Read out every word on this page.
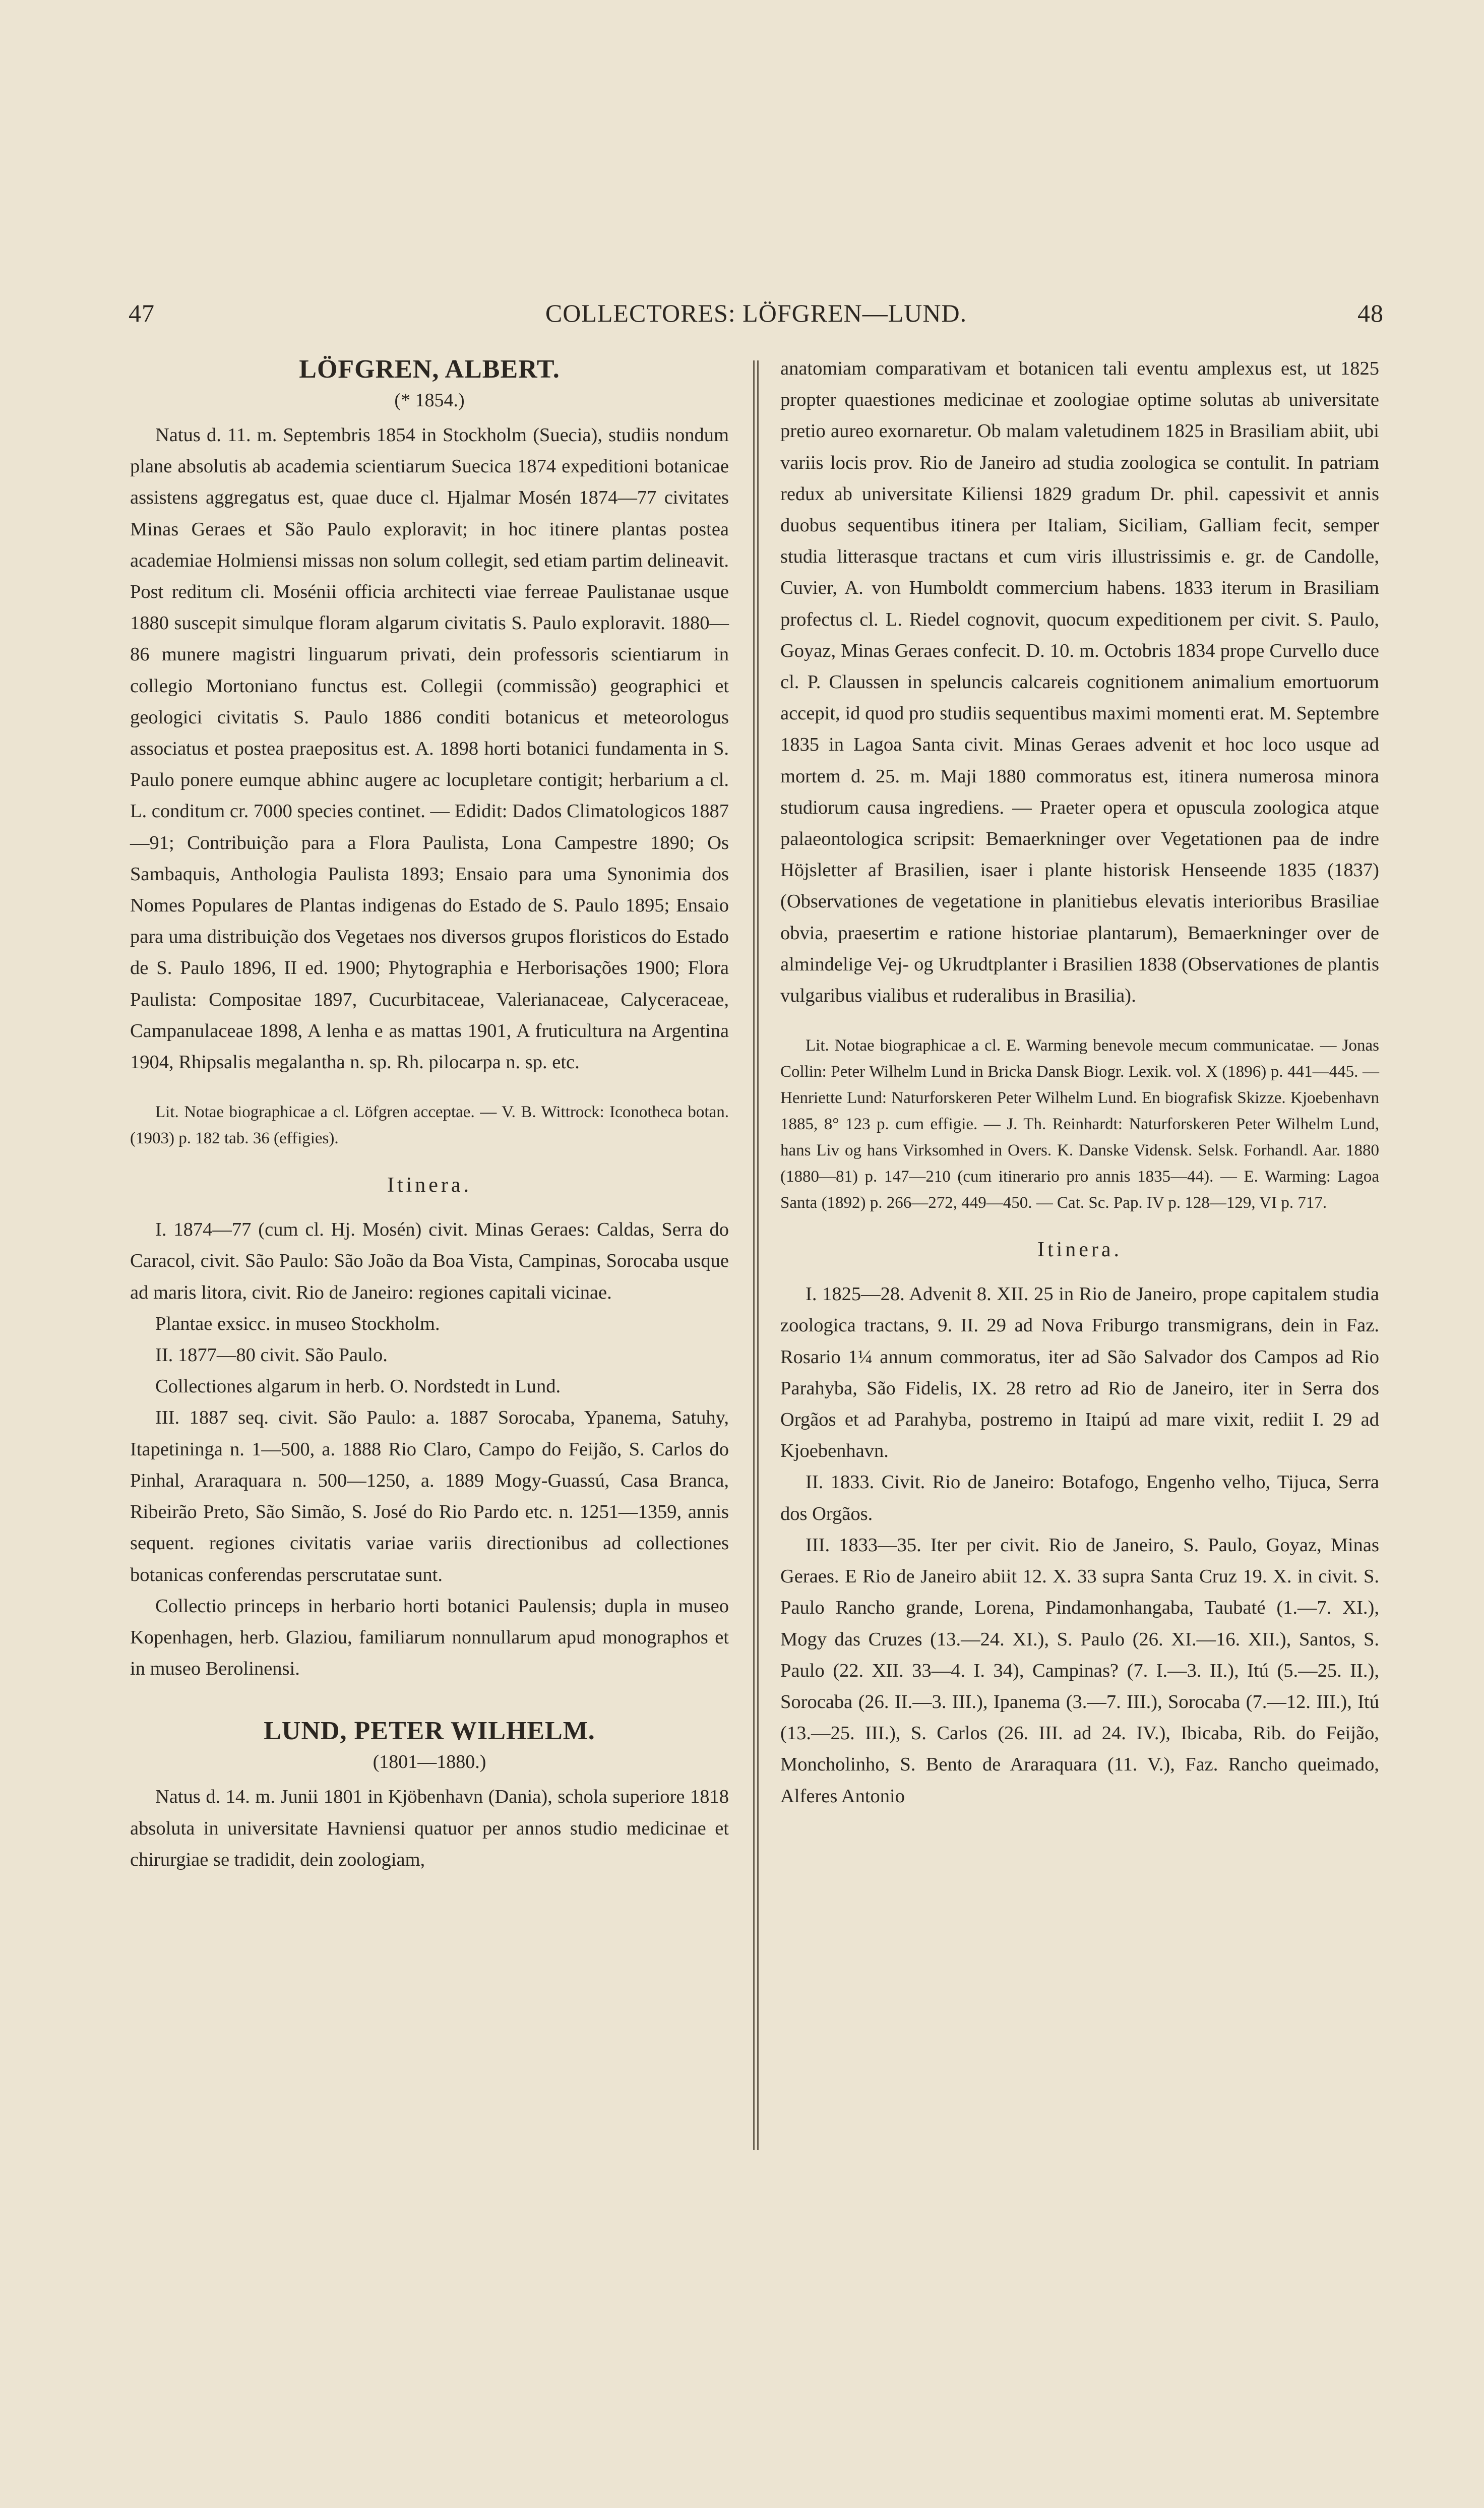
47	COLLECTORES: LÖFGREN—LUND.	48
LÖFGREN, ALBERT.
(* 1854.)

Natus d. 11. m. Septembris 1854 in Stockholm (Suecia), studiis nondum plane absolutis ab academia scientiarum Suecica 1874 expeditioni botanicae assistens aggregatus est, quae duce cl. Hjalmar Mosén 1874—77 civitates Minas Geraes et São Paulo exploravit; in hoc itinere plantas postea academiae Holmiensi missas non solum collegit, sed etiam partim delineavit. Post reditum cli. Mosénii officia architecti viae ferreae Paulistanae usque 1880 suscepit simulque floram algarum civitatis S. Paulo exploravit. 1880—86 munere magistri linguarum privati, dein professoris scientiarum in collegio Mortoniano functus est. Collegii (commissão) geographici et geologici civitatis S. Paulo 1886 conditi botanicus et meteorologus associatus et postea praepositus est. A. 1898 horti botanici fundamenta in S. Paulo ponere eumque abhinc augere ac locupletare contigit; herbarium a cl. L. conditum cr. 7000 species continet. — Edidit: Dados Climatologicos 1887—91; Contribuição para a Flora Paulista, Lona Campestre 1890; Os Sambaquis, Anthologia Paulista 1893; Ensaio para uma Synonimia dos Nomes Populares de Plantas indigenas do Estado de S. Paulo 1895; Ensaio para uma distribuição dos Vegetaes nos diversos grupos floristicos do Estado de S. Paulo 1896, II ed. 1900; Phytographia e Herborisações 1900; Flora Paulista: Compositae 1897, Cucurbitaceae, Valerianaceae, Calyceraceae, Campanulaceae 1898, A lenha e as mattas 1901, A fruticultura na Argentina 1904, Rhipsalis megalantha n. sp. Rh. pilocarpa n. sp. etc.

Lit. Notae biographicae a cl. Löfgren acceptae. — V. B. Wittrock: Iconotheca botan. (1903) p. 182 tab. 36 (effigies).

Itinera.

I. 1874—77 (cum cl. Hj. Mosén) civit. Minas Geraes: Caldas, Serra do Caracol, civit. São Paulo: São João da Boa Vista, Campinas, Sorocaba usque ad maris litora, civit. Rio de Janeiro: regiones capitali vicinae.

Plantae exsicc. in museo Stockholm.

II. 1877—80 civit. São Paulo.

Collectiones algarum in herb. O. Nordstedt in Lund.

III. 1887 seq. civit. São Paulo: a. 1887 Sorocaba, Ypanema, Satuhy, Itapetininga n. 1—500, a. 1888 Rio Claro, Campo do Feijão, S. Carlos do Pinhal, Araraquara n. 500—1250, a. 1889 Mogy-Guassú, Casa Branca, Ribeirão Preto, São Simão, S. José do Rio Pardo etc. n. 1251—1359, annis sequent. regiones civitatis variae variis directionibus ad collectiones botanicas conferendas perscrutatae sunt.

Collectio princeps in herbario horti botanici Paulensis; dupla in museo Kopenhagen, herb. Glaziou, familiarum nonnullarum apud monographos et in museo Berolinensi.

LUND, PETER WILHELM.
(1801—1880.)

Natus d. 14. m. Junii 1801 in Kjöbenhavn (Dania), schola superiore 1818 absoluta in universitate Havniensi quatuor per annos studio medicinae et chirurgiae se tradidit, dein zoologiam,

anatomiam comparativam et botanicen tali eventu amplexus est, ut 1825 propter quaestiones medicinae et zoologiae optime solutas ab universitate pretio aureo exornaretur. Ob malam valetudinem 1825 in Brasiliam abiit, ubi variis locis prov. Rio de Janeiro ad studia zoologica se contulit. In patriam redux ab universitate Kiliensi 1829 gradum Dr. phil. capessivit et annis duobus sequentibus itinera per Italiam, Siciliam, Galliam fecit, semper studia litterasque tractans et cum viris illustrissimis e. gr. de Candolle, Cuvier, A. von Humboldt commercium habens. 1833 iterum in Brasiliam profectus cl. L. Riedel cognovit, quocum expeditionem per civit. S. Paulo, Goyaz, Minas Geraes confecit. D. 10. m. Octobris 1834 prope Curvello duce cl. P. Claussen in speluncis calcareis cognitionem animalium emortuorum accepit, id quod pro studiis sequentibus maximi momenti erat. M. Septembre 1835 in Lagoa Santa civit. Minas Geraes advenit et hoc loco usque ad mortem d. 25. m. Maji 1880 commoratus est, itinera numerosa minora studiorum causa ingrediens. — Praeter opera et opuscula zoologica atque palaeontologica scripsit: Bemaerkninger over Vegetationen paa de indre Höjsletter af Brasilien, isaer i plante historisk Henseende 1835 (1837) (Observationes de vegetatione in planitiebus elevatis interioribus Brasiliae obvia, praesertim e ratione historiae plantarum), Bemaerkninger over de almindelige Vej- og Ukrudtplanter i Brasilien 1838 (Observationes de plantis vulgaribus vialibus et ruderalibus in Brasilia).

Lit. Notae biographicae a cl. E. Warming benevole mecum communicatae. — Jonas Collin: Peter Wilhelm Lund in Bricka Dansk Biogr. Lexik. vol. X (1896) p. 441—445. — Henriette Lund: Naturforskeren Peter Wilhelm Lund. En biografisk Skizze. Kjoebenhavn 1885, 8° 123 p. cum effigie. — J. Th. Reinhardt: Naturforskeren Peter Wilhelm Lund, hans Liv og hans Virksomhed in Overs. K. Danske Vidensk. Selsk. Forhandl. Aar. 1880 (1880—81) p. 147—210 (cum itinerario pro annis 1835—44). — E. Warming: Lagoa Santa (1892) p. 266—272, 449—450. — Cat. Sc. Pap. IV p. 128—129, VI p. 717.

Itinera.

I. 1825—28. Advenit 8. XII. 25 in Rio de Janeiro, prope capitalem studia zoologica tractans, 9. II. 29 ad Nova Friburgo transmigrans, dein in Faz. Rosario 1¼ annum commoratus, iter ad São Salvador dos Campos ad Rio Parahyba, São Fidelis, IX. 28 retro ad Rio de Janeiro, iter in Serra dos Orgãos et ad Parahyba, postremo in Itaipú ad mare vixit, rediit I. 29 ad Kjoebenhavn.

II. 1833. Civit. Rio de Janeiro: Botafogo, Engenho velho, Tijuca, Serra dos Orgãos.

III. 1833—35. Iter per civit. Rio de Janeiro, S. Paulo, Goyaz, Minas Geraes. E Rio de Janeiro abiit 12. X. 33 supra Santa Cruz 19. X. in civit. S. Paulo Rancho grande, Lorena, Pindamonhangaba, Taubaté (1.—7. XI.), Mogy das Cruzes (13.—24. XI.), S. Paulo (26. XI.—16. XII.), Santos, S. Paulo (22. XII. 33—4. I. 34), Campinas? (7. I.—3. II.), Itú (5.—25. II.), Sorocaba (26. II.—3. III.), Ipanema (3.—7. III.), Sorocaba (7.—12. III.), Itú (13.—25. III.), S. Carlos (26. III. ad 24. IV.), Ibicaba, Rib. do Feijão, Moncholinho, S. Bento de Araraquara (11. V.), Faz. Rancho queimado, Alferes Antonio
